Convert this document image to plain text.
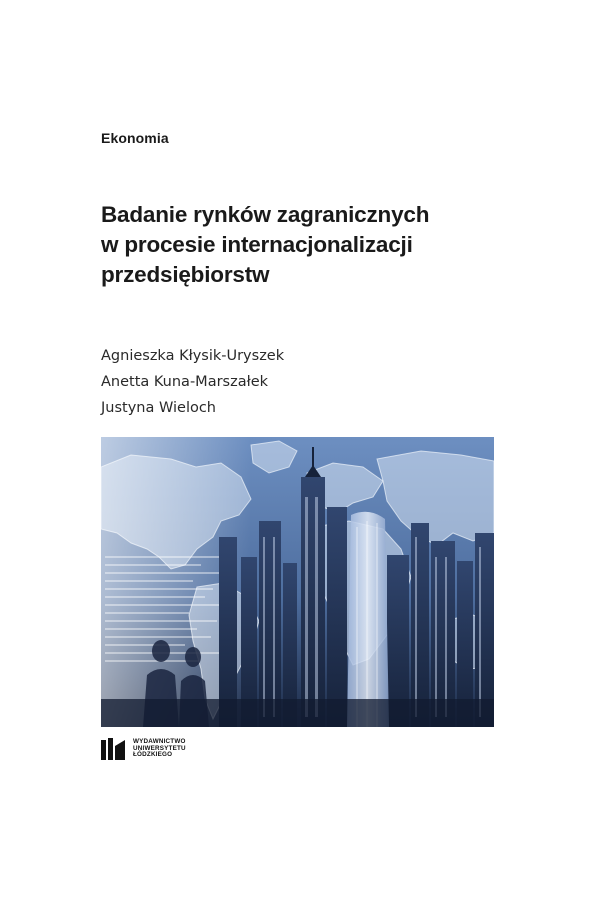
Ekonomia
Badanie rynków zagranicznych
w procesie internacjonalizacji
przedsiębiorstw
Agnieszka Kłysik-Uryszek
Anetta Kuna-Marszałek
Justyna Wieloch
WYDAWNICTWO
UNIWERSYTETU
ŁÓDZKIEGO
